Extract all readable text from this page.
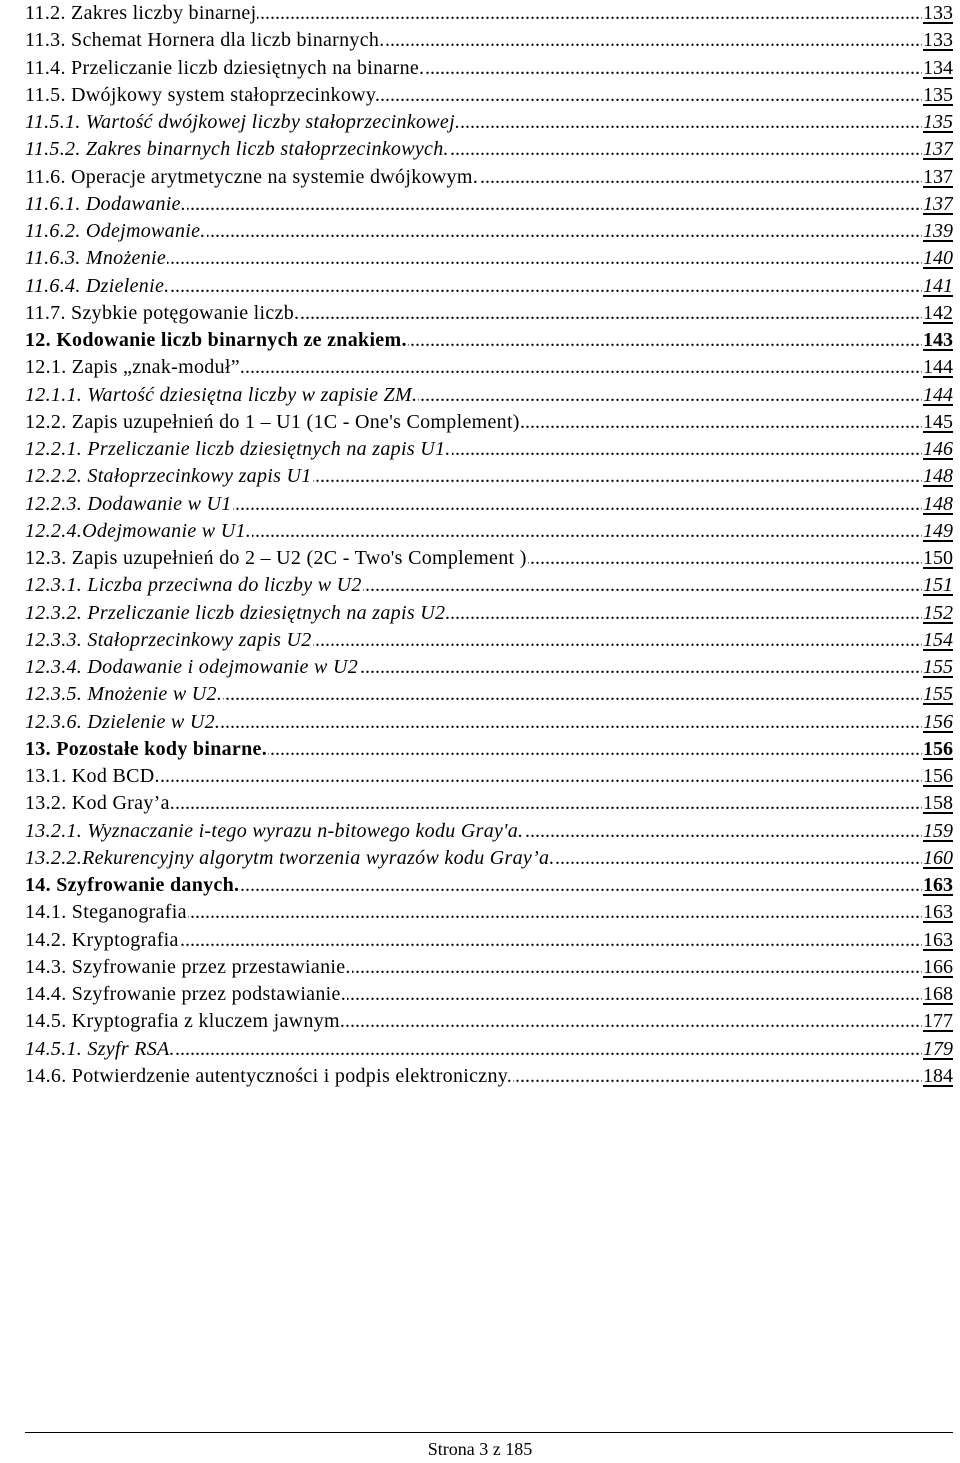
.....
11.2. Zakres liczby binarnej	133
.....
11.3. Schemat Hornera dla liczb binarnych.	133
.....
11.4. Przeliczanie liczb dziesiętnych na binarne.	134
.....
11.5. Dwójkowy system stałoprzecinkowy.	135
.....
11.5.1. Wartość dwójkowej liczby stałoprzecinkowej.	135
.....
11.5.2. Zakres binarnych liczb stałoprzecinkowych.	137
.....
11.6. Operacje arytmetyczne na systemie dwójkowym.	137
.....
11.6.1. Dodawanie.	137
.....
11.6.2. Odejmowanie.	139
.....
11.6.3. Mnożenie	140
.....
11.6.4. Dzielenie.	141
.....
11.7. Szybkie potęgowanie liczb.	142
.....
12. Kodowanie liczb binarnych ze znakiem.	143
.....
12.1. Zapis „znak-moduł”.	144
.....
12.1.1. Wartość dziesiętna liczby w zapisie ZM.	144
.....
12.2. Zapis uzupełnień do 1 – U1 (1C - One's Complement)	145
.....
12.2.1. Przeliczanie liczb dziesiętnych na zapis U1.	146
.....
12.2.2. Stałoprzecinkowy zapis U1	148
.....
12.2.3. Dodawanie w U1	148
.....
12.2.4.Odejmowanie w U1.	149
.....
12.3. Zapis uzupełnień do 2 – U2 (2C - Two's Complement )	150
.....
12.3.1. Liczba przeciwna do liczby w U2	151
.....
12.3.2. Przeliczanie liczb dziesiętnych na zapis U2	152
.....
12.3.3. Stałoprzecinkowy zapis U2	154
.....
12.3.4. Dodawanie i odejmowanie w U2	155
.....
12.3.5. Mnożenie w U2.	155
.....
12.3.6. Dzielenie w U2.	156
.....
13. Pozostałe kody binarne.	156
.....
13.1. Kod BCD.	156
.....
13.2. Kod Gray’a.	158
.....
13.2.1. Wyznaczanie i-tego wyrazu n-bitowego kodu Gray'a.	159
.....
13.2.2.Rekurencyjny algorytm tworzenia wyrazów kodu Gray’a.	160
.....
14. Szyfrowanie danych.	163
.....
14.1. Steganografia	163
.....
14.2. Kryptografia	163
.....
14.3. Szyfrowanie przez przestawianie.	166
.....
14.4. Szyfrowanie przez podstawianie.	168
.....
14.5. Kryptografia z kluczem jawnym.	177
.....
14.5.1. Szyfr RSA.	179
.....
14.6. Potwierdzenie autentyczności i podpis elektroniczny.	184
Strona 3 z 185
